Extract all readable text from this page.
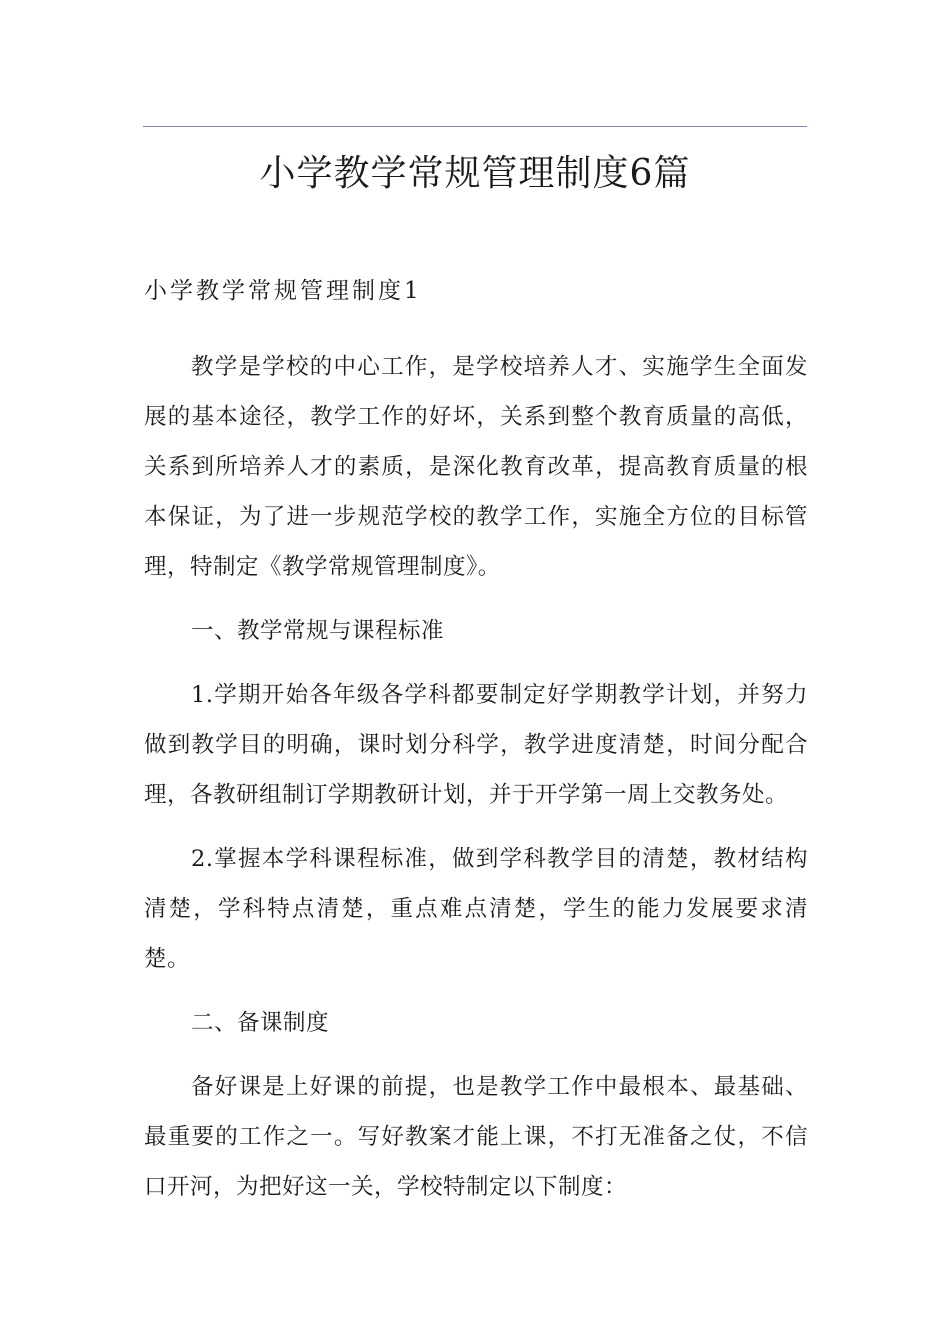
小学教学常规管理制度6篇
小学教学常规管理制度1

教学是学校的中心工作，是学校培养人才、实施学生全面发展的基本途径，教学工作的好坏，关系到整个教育质量的高低，关系到所培养人才的素质，是深化教育改革，提高教育质量的根本保证，为了进一步规范学校的教学工作，实施全方位的目标管理，特制定《教学常规管理制度》。

一、教学常规与课程标准

1.学期开始各年级各学科都要制定好学期教学计划，并努力做到教学目的明确，课时划分科学，教学进度清楚，时间分配合理，各教研组制订学期教研计划，并于开学第一周上交教务处。

2.掌握本学科课程标准，做到学科教学目的清楚，教材结构清楚，学科特点清楚，重点难点清楚，学生的能力发展要求清楚。

二、备课制度

备好课是上好课的前提，也是教学工作中最根本、最基础、最重要的工作之一。写好教案才能上课，不打无准备之仗，不信口开河，为把好这一关，学校特制定以下制度：
